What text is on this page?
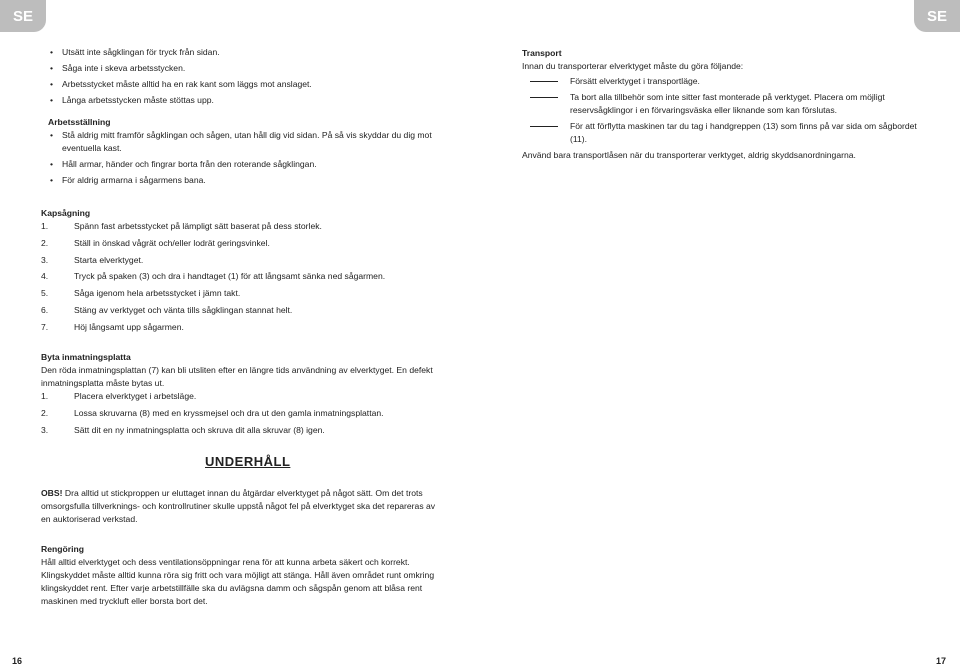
SE	SE
• Utsätt inte sågklingan för tryck från sidan.
• Såga inte i skeva arbetsstycken.
• Arbetsstycket måste alltid ha en rak kant som läggs mot anslaget.
• Långa arbetsstycken måste stöttas upp.
Arbetsställning
• Stå aldrig mitt framför sågklingan och sågen, utan håll dig vid sidan. På så vis skyddar du dig mot eventuella kast.
• Håll armar, händer och fingrar borta från den roterande sågklingan.
• För aldrig armarna i sågarmens bana.
Kapsågning
1.	Spänn fast arbetsstycket på lämpligt sätt baserat på dess storlek.
2.	Ställ in önskad vågrät och/eller lodrät geringsvinkel.
3.	Starta elverktyget.
4.	Tryck på spaken (3) och dra i handtaget (1) för att långsamt sänka ned sågarmen.
5.	Såga igenom hela arbetsstycket i jämn takt.
6.	Stäng av verktyget och vänta tills sågklingan stannat helt.
7.	Höj långsamt upp sågarmen.
Byta inmatningsplatta

Den röda inmatningsplattan (7) kan bli utsliten efter en längre tids användning av elverktyget. En defekt inmatningsplatta måste bytas ut.

1.	Placera elverktyget i arbetsläge.
2.	Lossa skruvarna (8) med en kryssmejsel och dra ut den gamla inmatningsplattan.
3.	Sätt dit en ny inmatningsplatta och skruva dit alla skruvar (8) igen.
UNDERHÅLL

OBS! Dra alltid ut stickproppen ur eluttaget innan du åtgärdar elverktyget på något sätt. Om det trots omsorgsfulla tillverknings- och kontrollrutiner skulle uppstå något fel på elverktyget ska det repareras av en auktoriserad verkstad.

Rengöring

Håll alltid elverktyget och dess ventilationsöppningar rena för att kunna arbeta säkert och korrekt. Klingskyddet måste alltid kunna röra sig fritt och vara möjligt att stänga. Håll även området runt omkring klingskyddet rent. Efter varje arbetstillfälle ska du avlägsna damm och sågspån genom att blåsa rent maskinen med tryckluft eller borsta bort det.

Transport

Innan du transporterar elverktyget måste du göra följande:

Försätt elverktyget i transportläge.
Ta bort alla tillbehör som inte sitter fast monterade på verktyget. Placera om möjligt reservsågklingor i en förvaringsväska eller liknande som kan förslutas.
För att förflytta maskinen tar du tag i handgreppen (13) som finns på var sida om sågbordet (11).

Använd bara transportlåsen när du transporterar verktyget, aldrig skyddsanordningarna.

16	17
